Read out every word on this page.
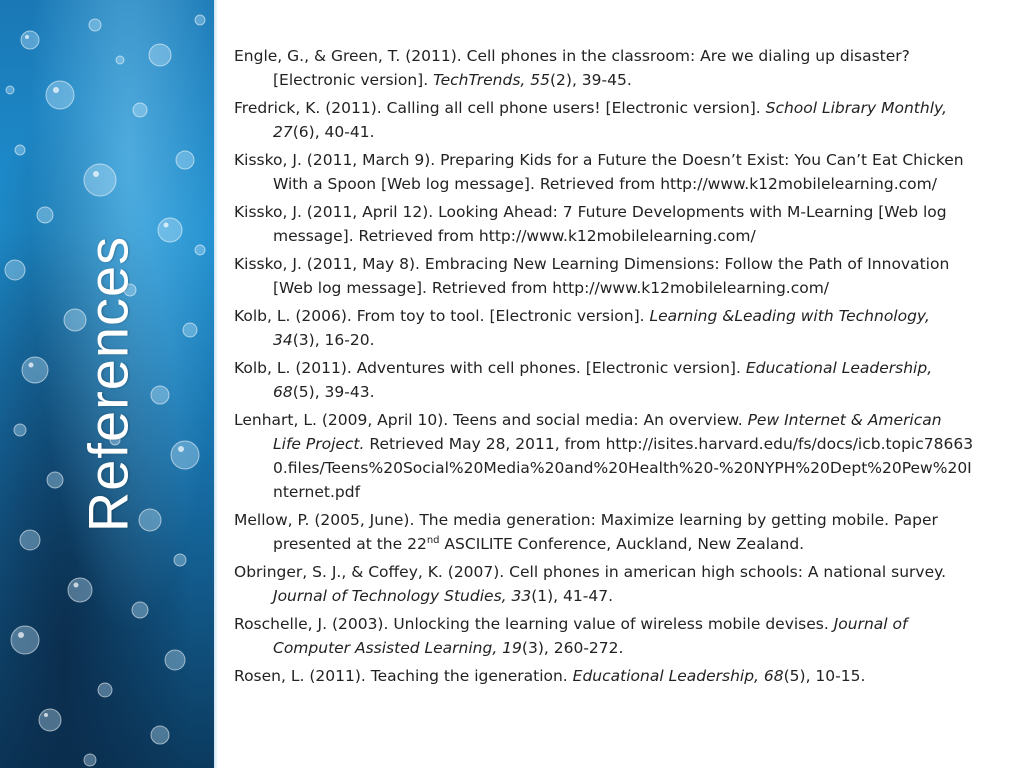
References

Engle, G., & Green, T. (2011). Cell phones in the classroom: Are we dialing up disaster? [Electronic version]. TechTrends, 55(2), 39-45.

Fredrick, K. (2011). Calling all cell phone users! [Electronic version]. School Library Monthly, 27(6), 40-41.

Kissko, J. (2011, March 9). Preparing Kids for a Future the Doesn’t Exist: You Can’t Eat Chicken With a Spoon [Web log message]. Retrieved from http://www.k12mobilelearning.com/

Kissko, J. (2011, April 12). Looking Ahead: 7 Future Developments with M-Learning [Web log message]. Retrieved from http://www.k12mobilelearning.com/

Kissko, J. (2011, May 8). Embracing New Learning Dimensions: Follow the Path of Innovation [Web log message]. Retrieved from http://www.k12mobilelearning.com/

Kolb, L. (2006). From toy to tool. [Electronic version]. Learning &Leading with Technology, 34(3), 16-20.

Kolb, L. (2011). Adventures with cell phones. [Electronic version]. Educational Leadership, 68(5), 39-43.

Lenhart, L. (2009, April 10). Teens and social media: An overview. Pew Internet & American Life Project. Retrieved May 28, 2011, from http://isites.harvard.edu/fs/docs/icb.topic786630.files/Teens%20Social%20Media%20and%20Health%20-%20NYPH%20Dept%20Pew%20Internet.pdf

Mellow, P. (2005, June). The media generation: Maximize learning by getting mobile. Paper presented at the 22nd ASCILITE Conference, Auckland, New Zealand.

Obringer, S. J., & Coffey, K. (2007). Cell phones in american high schools: A national survey. Journal of Technology Studies, 33(1), 41-47.

Roschelle, J. (2003). Unlocking the learning value of wireless mobile devises. Journal of Computer Assisted Learning, 19(3), 260-272.

Rosen, L. (2011). Teaching the igeneration. Educational Leadership, 68(5), 10-15.
